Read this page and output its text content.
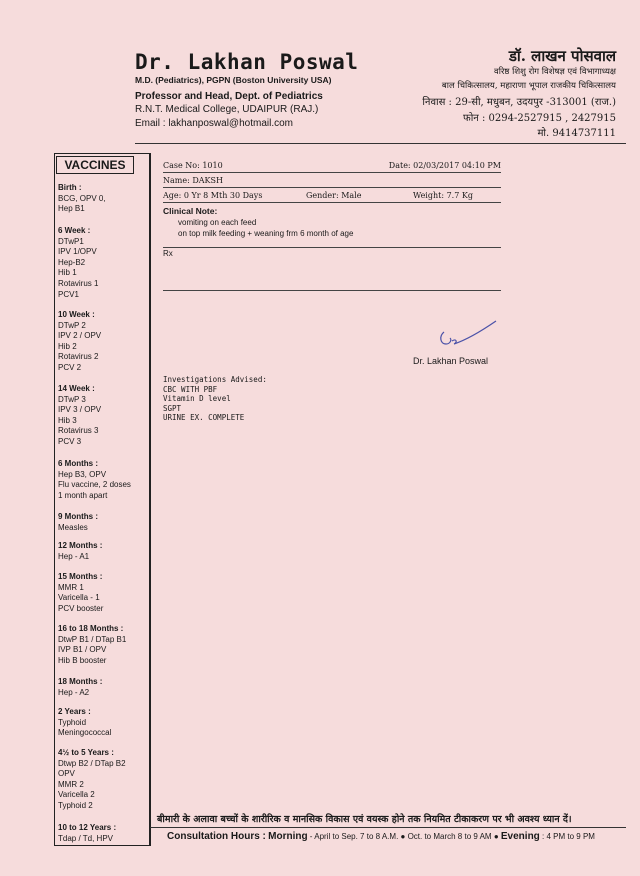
Dr. Lakhan Poswal
M.D. (Pediatrics), PGPN (Boston University USA)
Professor and Head, Dept. of Pediatrics
R.N.T. Medical College, UDAIPUR (RAJ.)
Email : lakhanposwal@hotmail.com
डॉ. लाखन पोसवाल
वरिष्ठ शिशु रोग विशेषज्ञ एवं विभागाध्यक्ष
बाल चिकित्सालय, महाराणा भूपाल राजकीय चिकित्सालय
निवास : 29-सी, मधुबन, उदयपुर -313001 (राज.)
फोन : 0294-2527915 , 2427915
मो. 9414737111
VACCINES
Birth :
BCG, OPV 0,
Hep B1
6 Week :
DTwP1
IPV 1/OPV
Hep-B2
Hib 1
Rotavirus 1
PCV1
10 Week :
DTwP 2
IPV 2 / OPV
Hib 2
Rotavirus 2
PCV 2
14 Week :
DTwP 3
IPV 3 / OPV
Hib 3
Rotavirus 3
PCV 3
6 Months :
Hep B3, OPV
Flu vaccine, 2 doses
1 month apart
9 Months :
Measles
12 Months :
Hep - A1
15 Months :
MMR 1
Varicella - 1
PCV booster
16 to 18 Months :
DtwP B1 / DTap B1
IVP B1 / OPV
Hib B booster
18 Months :
Hep - A2
2 Years :
Typhoid
Meningococcal
4½ to 5 Years :
Dtwp B2 / DTap B2
OPV
MMR 2
Varicella 2
Typhoid 2
10 to 12 Years :
Tdap / Td, HPV
Case No: 1010	Date: 02/03/2017 04:10 PM
Name: DAKSH
Age: 0 Yr 8 Mth 30 Days	Gender: Male	Weight: 7.7 Kg
Clinical Note:
vomiting on each feed
on top milk feeding + weaning frm 6 month of age
Rx
Dr. Lakhan Poswal
Investigations Advised:
CBC WITH PBF
Vitamin D level
SGPT
URINE EX. COMPLETE
बीमारी के अलावा बच्चों के शारीरिक व मानसिक विकास एवं वयस्क होने तक नियमित टीकाकरण पर भी अवश्य ध्यान दें।
Consultation Hours : Morning - April to Sep. 7 to 8 A.M. ● Oct. to March 8 to 9 AM ● Evening : 4 PM to 9 PM
